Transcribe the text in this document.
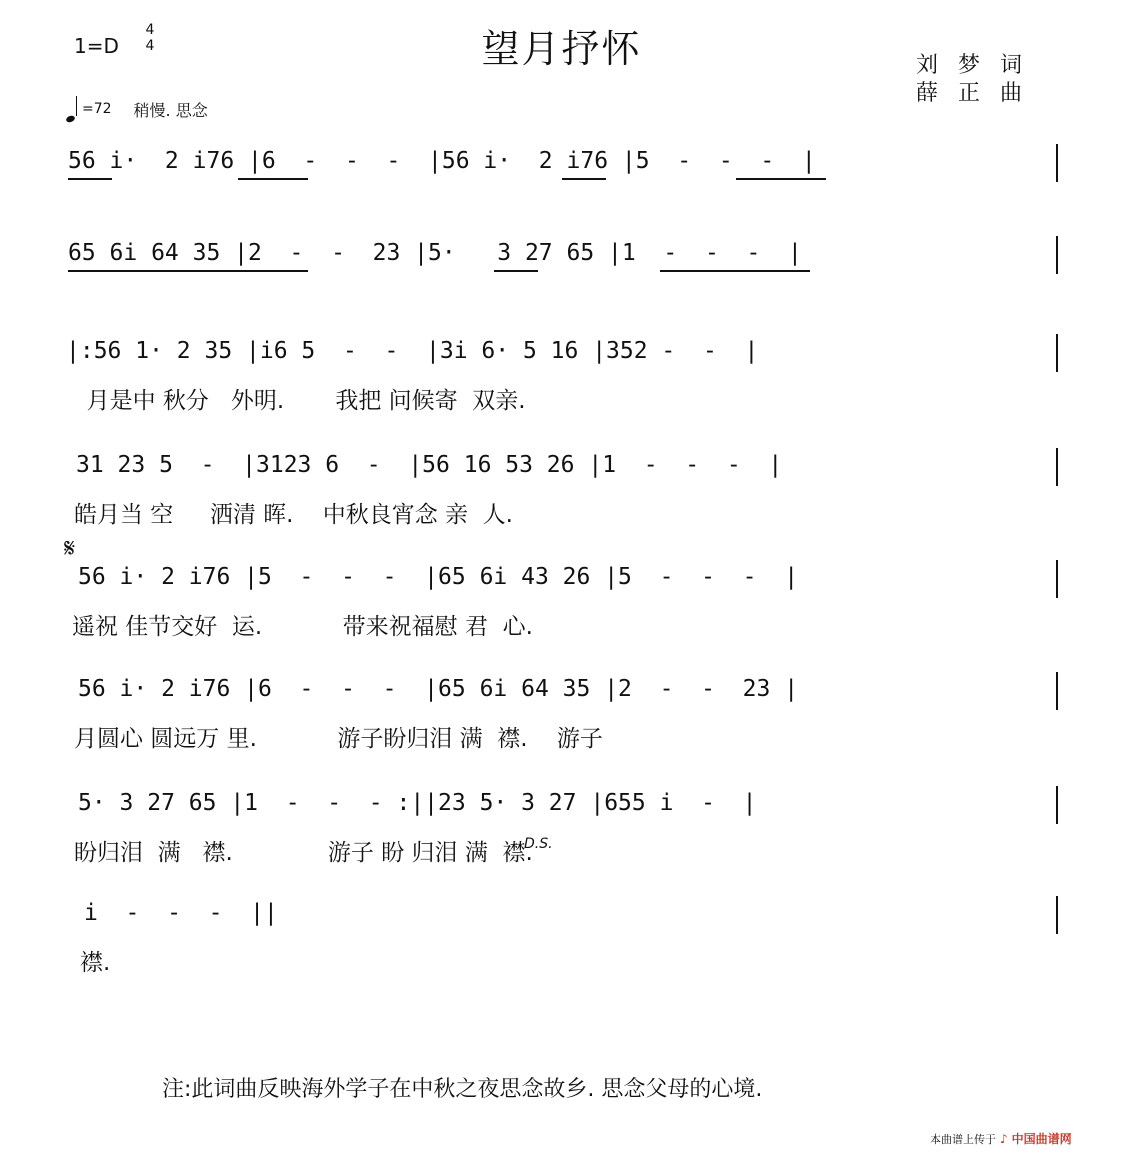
望月抒怀
1=D
4
4
=72 稍慢. 思念
刘梦词
薛正曲
56 i·  2 i76 |6  -  -  -  |56 i·  2 i76 |5  -  -  -  |
65 6i 64 35 |2  -  -  23 |5·   3 27 65 |1  -  -  -  |
|:56 1· 2 35 |i6 5  -  -  |3i 6· 5 16 |352 -  -  |
月是中 秋分   外明.       我把 问候寄  双亲.
31 23 5  -  |3123 6  -  |56 16 53 26 |1  -  -  -  |
皓月当 空     洒清 晖.    中秋良宵念 亲  人.
𝄋
56 i· 2 i76 |5  -  -  -  |65 6i 43 26 |5  -  -  -  |
遥祝 佳节交好  运.           带来祝福慰 君  心.
56 i· 2 i76 |6  -  -  -  |65 6i 64 35 |2  -  -  23 |
月圆心 圆远万 里.           游子盼归泪 满  襟.    游子
5· 3 27 65 |1  -  -  - :||23 5· 3 27 |655 i  -  |
盼归泪  满   襟.             游子 盼 归泪 满  襟.
D.S.
i  -  -  -  ||
襟.
注:此词曲反映海外学子在中秋之夜思念故乡. 思念父母的心境.
本曲谱上传于 ♪ 中国曲谱网
